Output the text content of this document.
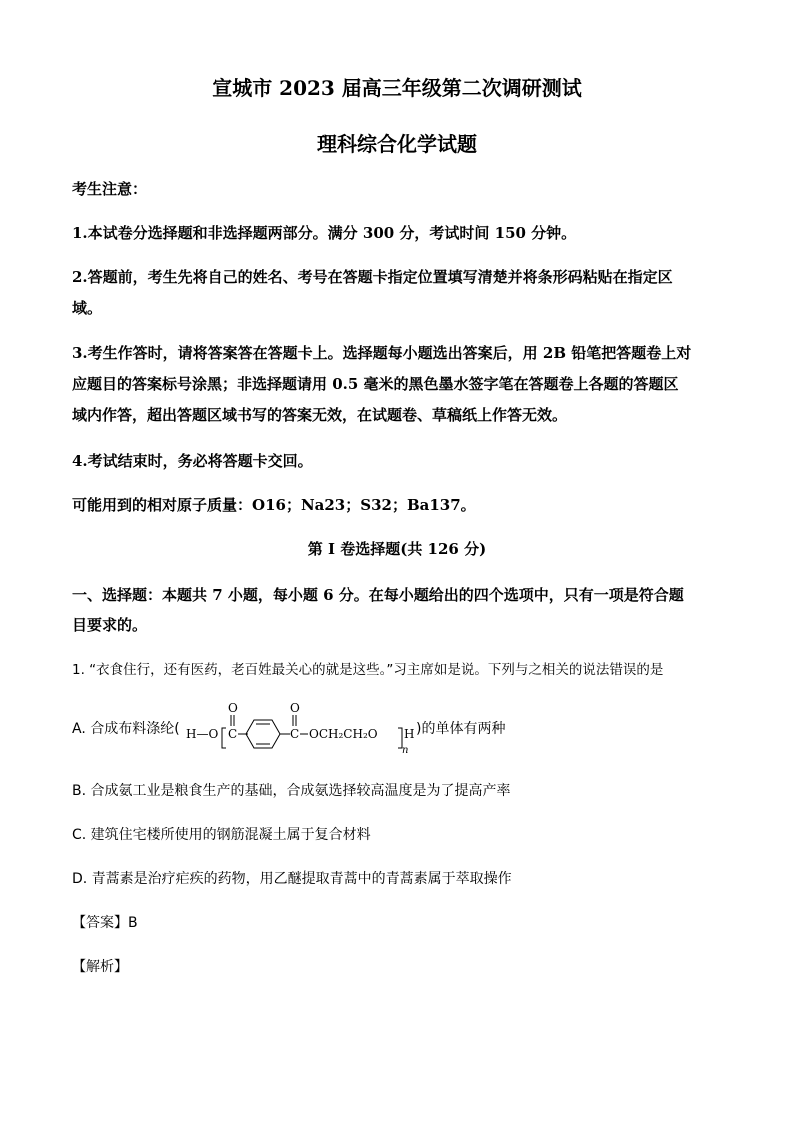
宣城市 2023 届高三年级第二次调研测试
理科综合化学试题
考生注意：
1.本试卷分选择题和非选择题两部分。满分 300 分，考试时间 150 分钟。
2.答题前，考生先将自己的姓名、考号在答题卡指定位置填写清楚并将条形码粘贴在指定区
域。
3.考生作答时，请将答案答在答题卡上。选择题每小题选出答案后，用 2B 铅笔把答题卷上对
应题目的答案标号涂黑；非选择题请用 0.5 毫米的黑色墨水签字笔在答题卷上各题的答题区
域内作答，超出答题区域书写的答案无效，在试题卷、草稿纸上作答无效。
4.考试结束时，务必将答题卡交回。
可能用到的相对原子质量：O16；Na23；S32；Ba137。
第 I 卷选择题(共 126 分)
一、选择题：本题共 7 小题，每小题 6 分。在每小题给出的四个选项中，只有一项是符合题
目要求的。
1. “衣食住行，还有医药，老百姓最关心的就是这些。”习主席如是说。下列与之相关的说法错误的是
A. 合成布料涤纶( H—O C
O
C
O
OCH₂CH₂O H
n
)的单体有两种
B. 合成氨工业是粮食生产的基础，合成氨选择较高温度是为了提高产率
C. 建筑住宅楼所使用的钢筋混凝土属于复合材料
D. 青蒿素是治疗疟疾的药物，用乙醚提取青蒿中的青蒿素属于萃取操作
【答案】B
【解析】
